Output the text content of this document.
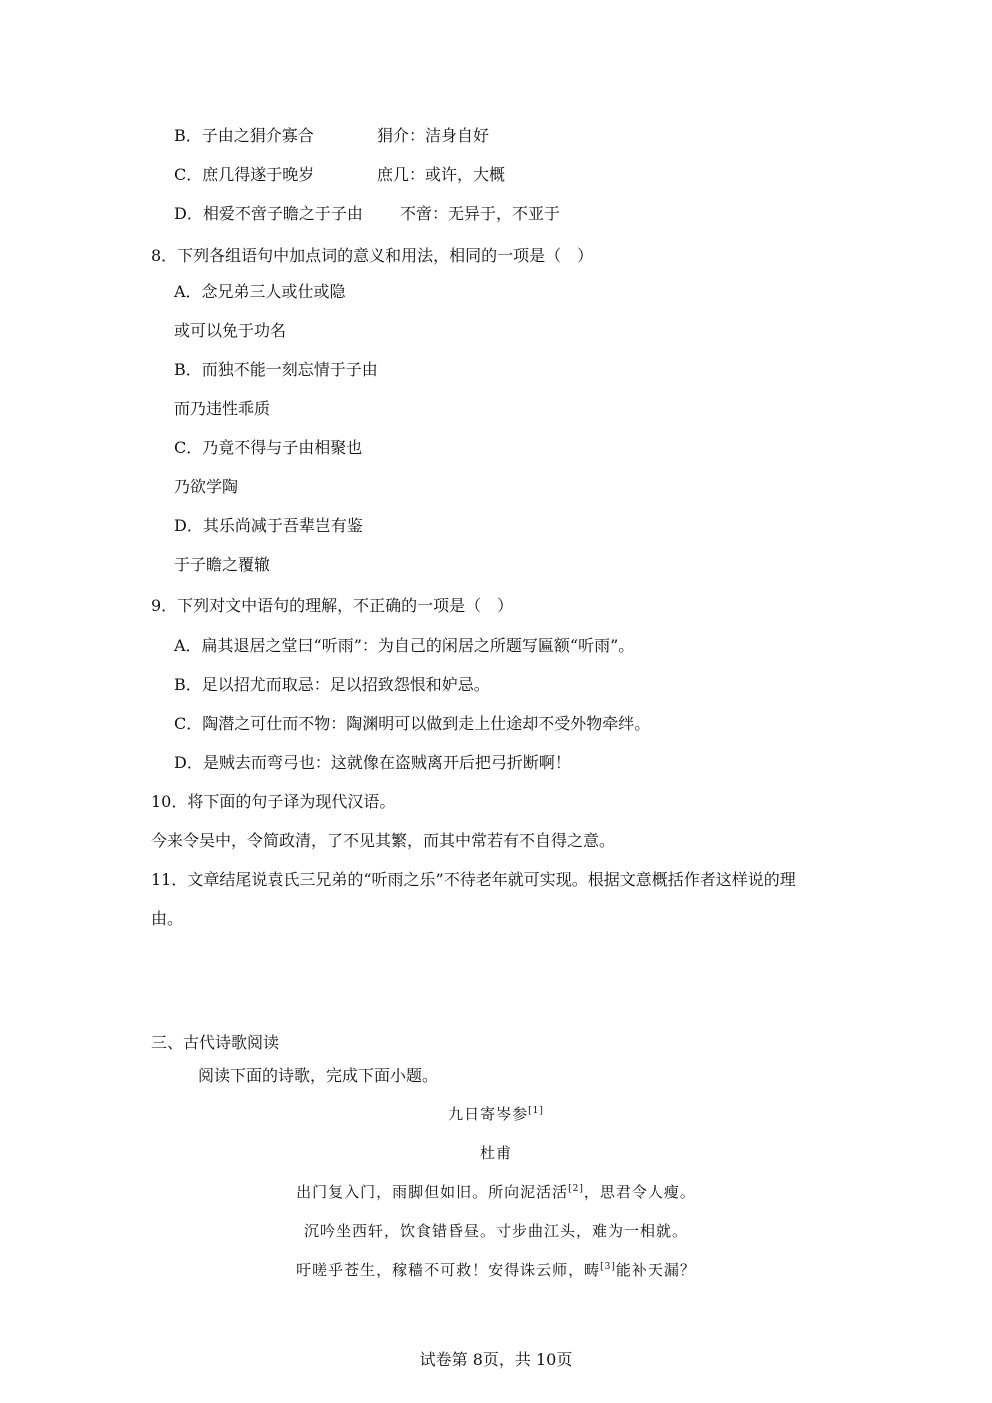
B．子由之狷介寡合	狷介：洁身自好
C．庶几得遂于晚岁	庶几：或许，大概
D．相爱不啻子瞻之于子由 不啻：无异于，不亚于
8．下列各组语句中加点词的意义和用法，相同的一项是（　）
A．念兄弟三人或仕或隐
或可以免于功名
B．而独不能一刻忘情于子由
而乃违性乖质
C．乃竟不得与子由相聚也
乃欲学陶
D．其乐尚减于吾辈岂有鉴
于子瞻之覆辙
9．下列对文中语句的理解，不正确的一项是（　）
A．扁其退居之堂曰“听雨”：为自己的闲居之所题写匾额“听雨”。
B．足以招尤而取忌：足以招致怨恨和妒忌。
C．陶潜之可仕而不物：陶渊明可以做到走上仕途却不受外物牵绊。
D．是贼去而弯弓也：这就像在盗贼离开后把弓折断啊！
10．将下面的句子译为现代汉语。
今来令吴中，令简政清，了不见其繁，而其中常若有不自得之意。
11．文章结尾说袁氏三兄弟的“听雨之乐”不待老年就可实现。根据文意概括作者这样说的理
由。
三、古代诗歌阅读
阅读下面的诗歌，完成下面小题。
九日寄岑参[1]
杜甫
出门复入门，雨脚但如旧。所向泥活活[2]，思君令人瘦。
沉吟坐西轩，饮食错昏昼。寸步曲江头，难为一相就。
吁嗟乎苍生，稼穑不可救！安得诛云师，畴[3]能补天漏？
试卷第 8页，共 10页
